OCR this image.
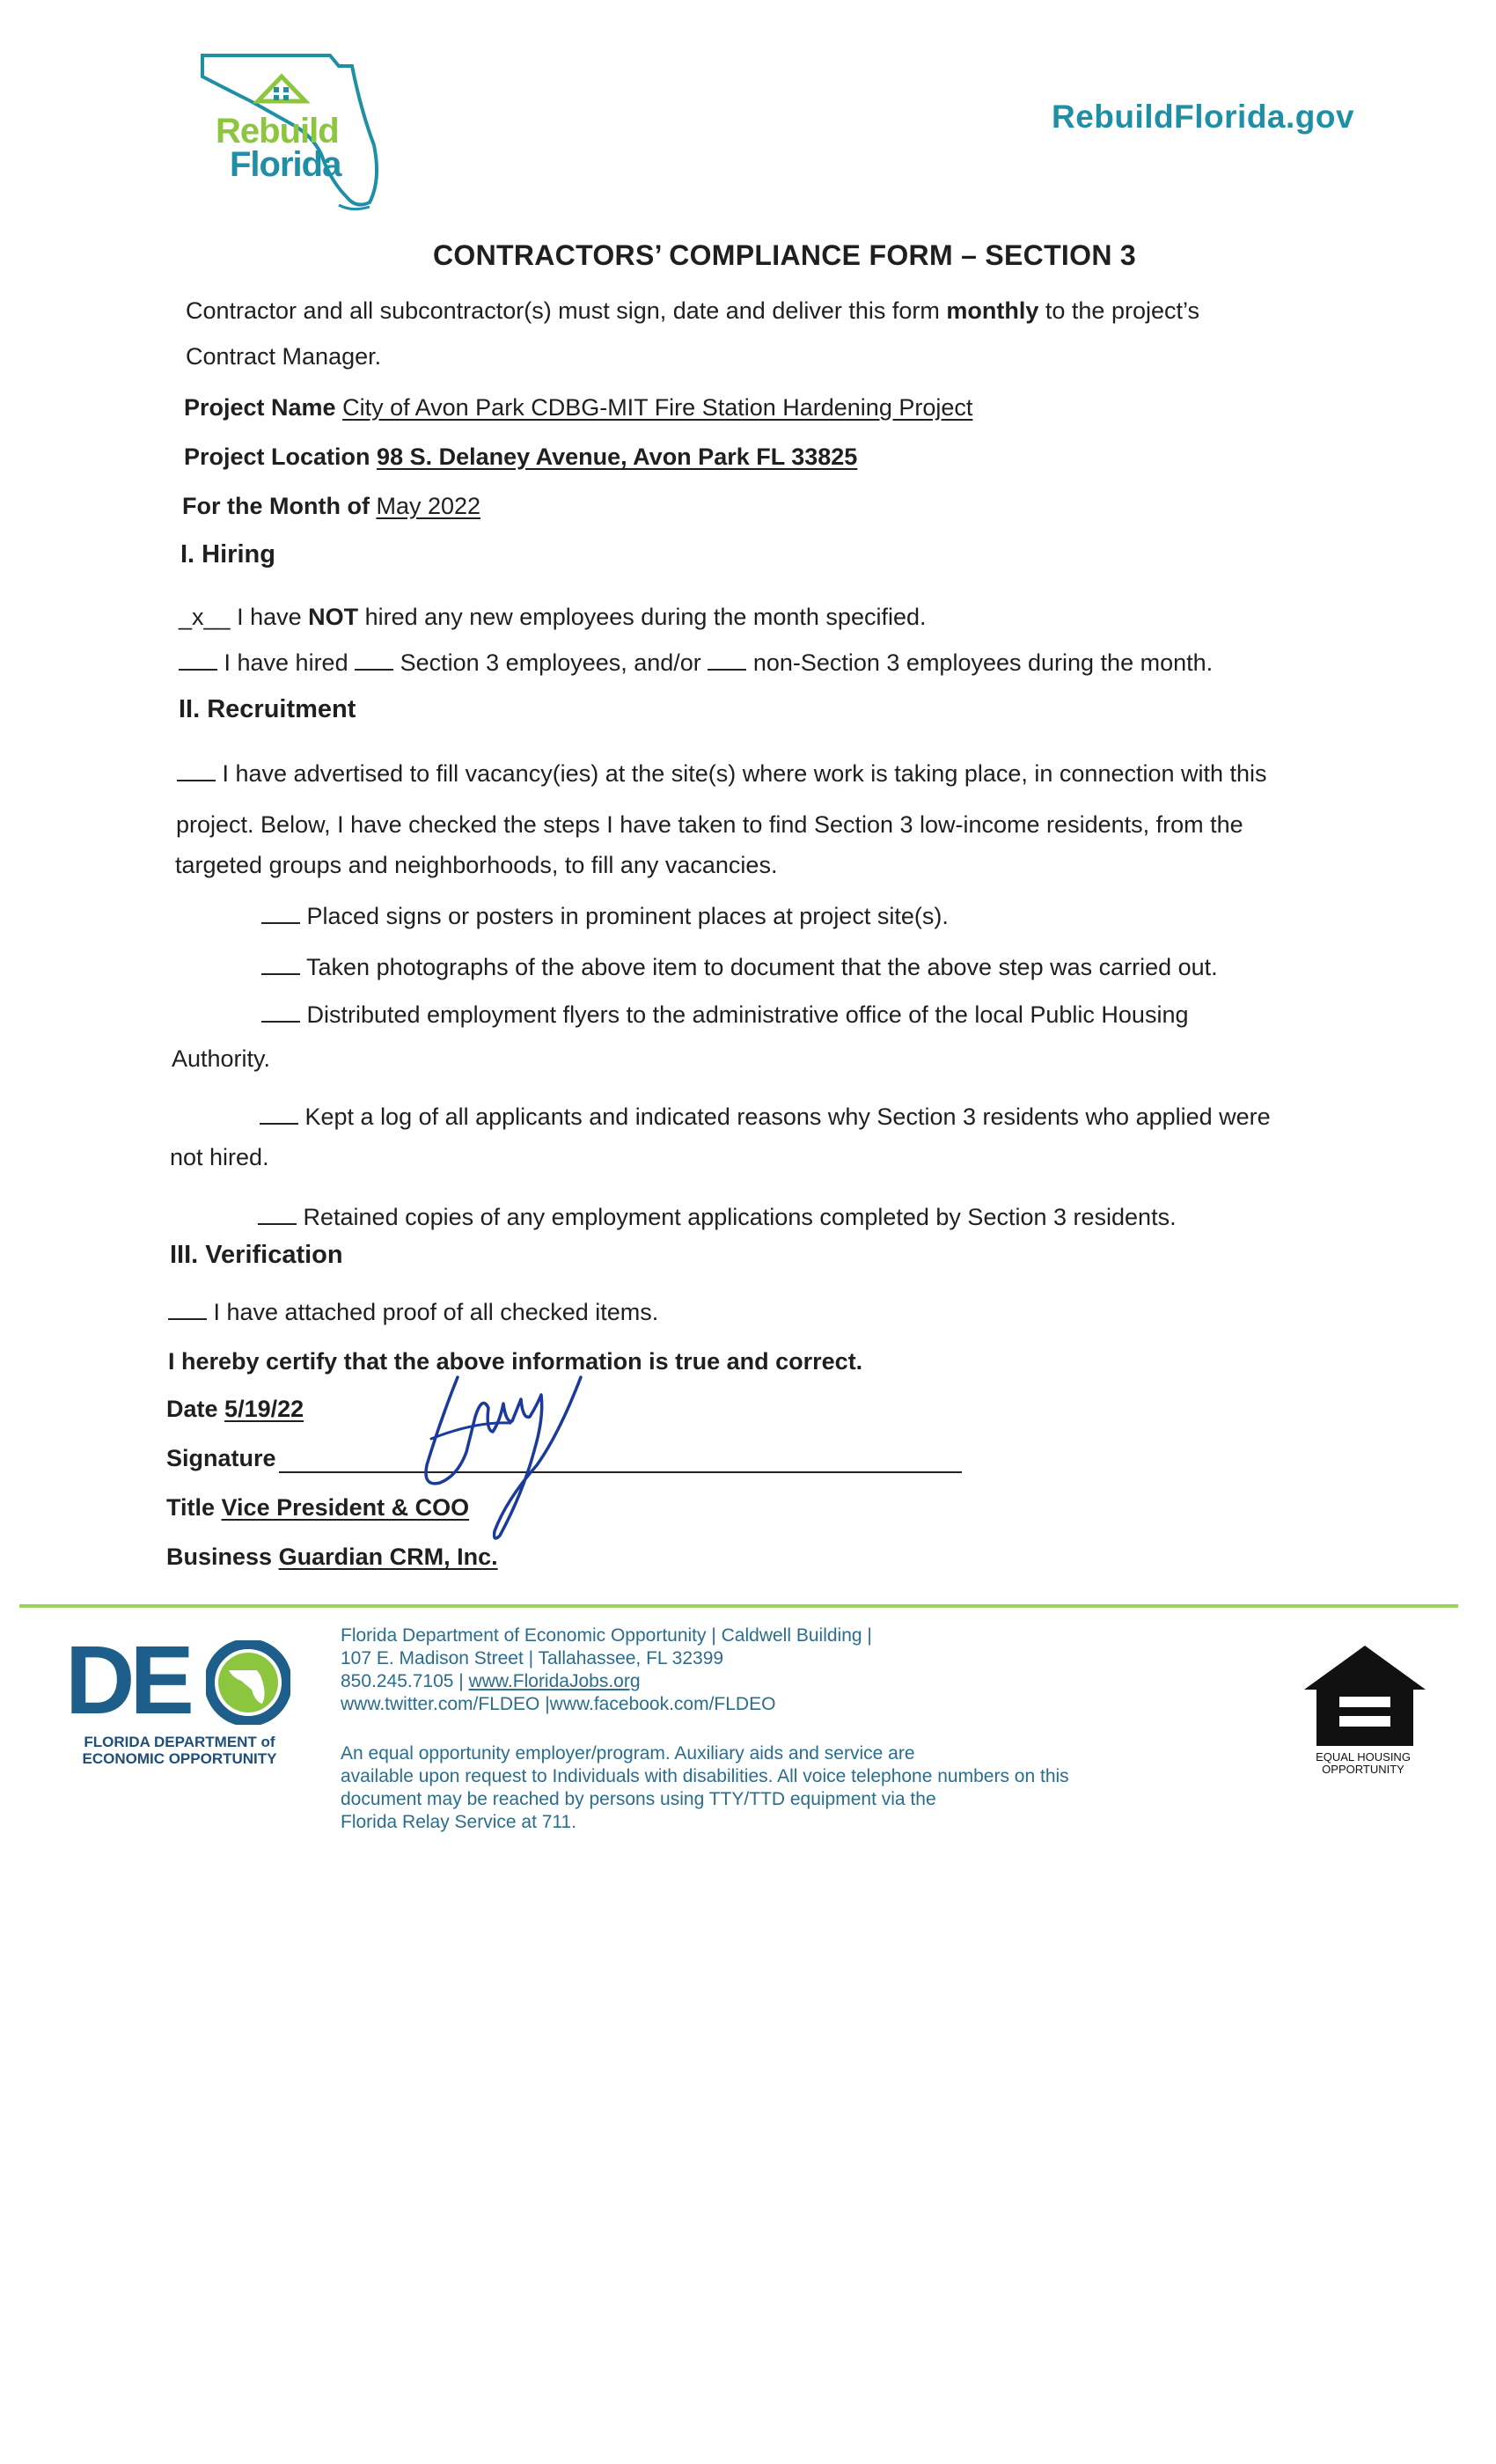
Rebuild
Florida
RebuildFlorida.gov
CONTRACTORS’ COMPLIANCE FORM – SECTION 3
Contractor and all subcontractor(s) must sign, date and deliver this form monthly to the project’s
Contract Manager.
Project Name City of Avon Park CDBG-MIT Fire Station Hardening Project
Project Location 98 S. Delaney Avenue, Avon Park FL 33825
For the Month of May 2022
I. Hiring
_x__ I have NOT hired any new employees during the month specified.
I have hired  Section 3 employees, and/or  non-Section 3 employees during the month.
II. Recruitment
I have advertised to fill vacancy(ies) at the site(s) where work is taking place, in connection with this
project. Below, I have checked the steps I have taken to find Section 3 low-income residents, from the
targeted groups and neighborhoods, to fill any vacancies.
Placed signs or posters in prominent places at project site(s).
Taken photographs of the above item to document that the above step was carried out.
Distributed employment flyers to the administrative office of the local Public Housing
Authority.
Kept a log of all applicants and indicated reasons why Section 3 residents who applied were
not hired.
Retained copies of any employment applications completed by Section 3 residents.
III. Verification
I have attached proof of all checked items.
I hereby certify that the above information is true and correct.
Date 5/19/22
Signature
Title Vice President & COO
Business Guardian CRM, Inc.
DE
FLORIDA DEPARTMENT of
ECONOMIC OPPORTUNITY
Florida Department of Economic Opportunity | Caldwell Building |
107 E. Madison Street | Tallahassee, FL 32399
850.245.7105 | www.FloridaJobs.org
www.twitter.com/FLDEO |www.facebook.com/FLDEO
An equal opportunity employer/program. Auxiliary aids and service are
available upon request to Individuals with disabilities. All voice telephone numbers on this
document may be reached by persons using TTY/TTD equipment via the
Florida Relay Service at 711.
EQUAL HOUSING
OPPORTUNITY
